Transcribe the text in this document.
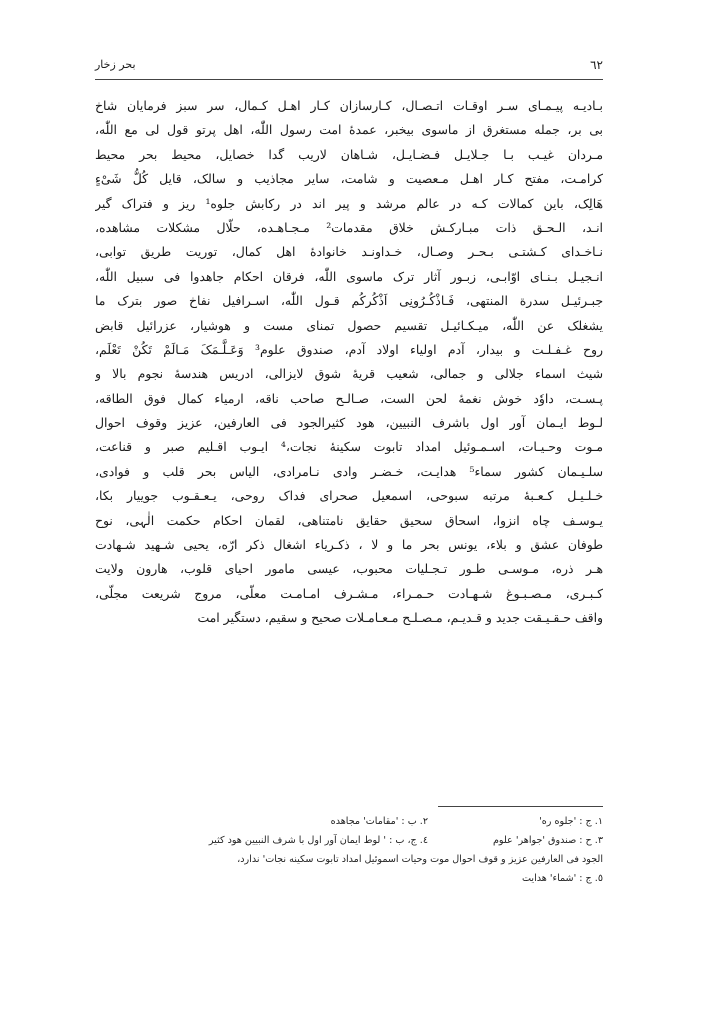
٦٢
بحر زخار
بـادیـه پیـمـای سـر اوقـات اتـصـال، کـارسازان کـار اهـل کـمال، سر سبز فرمایان شاخ
بی بر، جمله مستغرق از ماسوی بیخبر، عمدهٔ امت رسول اللّٰه، اهل پرتو قول لی مع اللّٰه،
مـردان غیـب بـا جـلایـل فـضـایـل، شـاهان لاریب گدا خصایل، محیط بحر محیط
کرامـت، مفتح کـار اهـل مـعصیت و شامت، سایر مجاذیب و سالک، قایل کُلُّ شَیْ‌ءٍ
هَالِک، باین کمالات کـه در عالم مرشد و پیر اند در رکابش جلوه¹ ریز و فتراک گیر
انـد، الـحـق ذات مبـارکـش خلاق مقدمات² مـجـاهـده، حلّال مشکلات مشاهده،
نـاخـدای کـشتـی بـحـر وصـال، خـداونـد خانوادهٔ اهل کمال، توریت طریق توابی،
انـجیـل بـنـای اوّابـی، زبـور آثار ترک ماسوی اللّٰه، فرقان احکام جاهدوا فی سبیل اللّٰه،
جبـرئیـل سدرة المنتهی، فَـاذْکُـرُونِی اَذْکُرکُم قـول اللّٰه، اسـرافیل نفاخ صور بترک ما
یشغلک عن اللّٰه، میـکـائیـل تقسیم حصول تمنای مست و هوشیار، عزرائیل قابض
روح غـفـلـت و بیدار، آدم اولیاء اولاد آدم، صندوق علوم³ وَعَـلَّـمَکَ مَـالَمْ تَکُنْ تَعْلَم،
شیث اسماء جلالی و جمالی، شعیب قریهٔ شوق لایزالی، ادریس هندسهٔ نجوم بالا و
پـسـت، داوٗد خوش نغمهٔ لحن الست، صـالـح صاحب ناقه، ارمیاء کمال فوق الطاقه،
لـوط ایـمان آور اول باشرف النبیین، هود کثیرالجود فی العارفین، عزیز وقوف احوال
مـوت وحـیـات، اسـمـوئیل امداد تابوت سکینهٔ نجات،⁴ ایـوب اقـلیم صبر و قناعت،
سلـیـمان کشور سماء⁵ هدایـت، خـضـر وادی نـامرادی، الیاس بحر قلب و فوادی،
خـلـیـل کـعـبهٔ مرتبه سبوحی، اسمعیل صحرای فداک روحی، یـعـقـوب جوییار بکا،
یـوسـف چاه انزوا، اسحاق سحیق حقایق نامتناهی، لقمان احکام حکمت الٰہی، نوح
طوفان عشق و بلاء، یونس بحر ما و لا ، ذکـریاء اشغال ذکر ارّه، یحیی شـهید شـهادت
هـر ذره، مـوسـی طـور تـجـلیات محبوب، عیسی مامور احیای قلوب، هارون ولایت
کـبـری، مـصـبـوغ شـهـادت حـمـراء، مـشـرف امـامـت معلّی، مروج شریعت مجلّی،
واقف حـقـیـقت جدید و قـدیـم، مـصـلـح مـعـامـلات صحیح و سقیم، دستگیر امت
١. ج : 'جلوه ره'
٢. ب : 'مقامات' مجاهده
٣. ح : صندوق 'جواهر' علوم
٤. ج، ب : ' لوط ایمان آور اول با شرف النبیین هود کثیر
الجود فی العارفین عزیز و قوف احوال موت وحیات اسموئیل امداد تابوت سکینه نجات' ندارد،
٥. ج : 'شماء' هدایت
